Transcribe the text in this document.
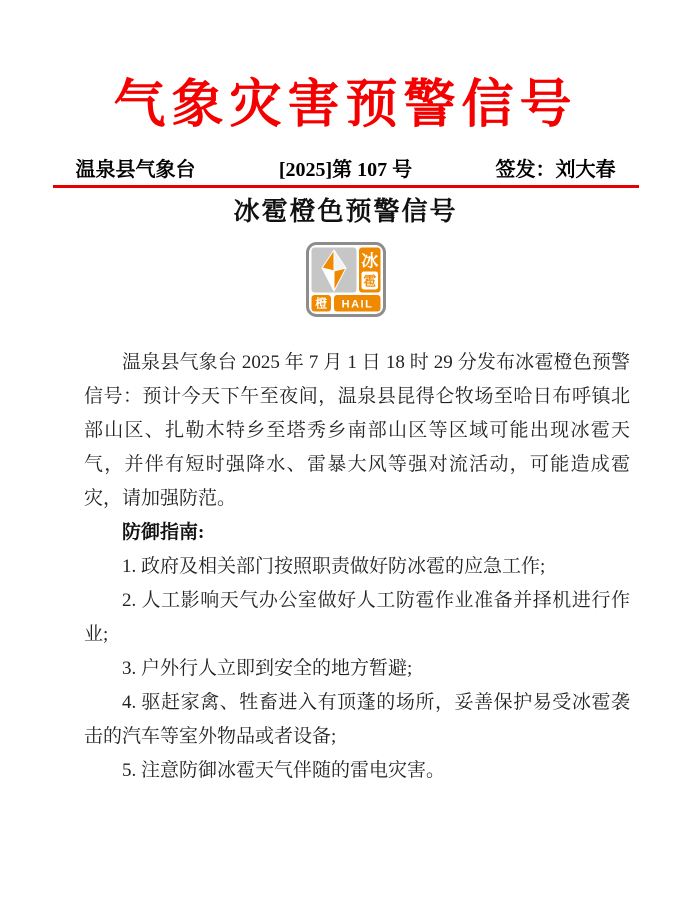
气象灾害预警信号
温泉县气象台	[2025]第 107 号	签发：刘大春
冰雹橙色预警信号
冰
雹
橙 HAIL

温泉县气象台 2025 年 7 月 1 日 18 时 29 分发布冰雹橙色预警信号：预计今天下午至夜间，温泉县昆得仑牧场至哈日布呼镇北部山区、扎勒木特乡至塔秀乡南部山区等区域可能出现冰雹天气，并伴有短时强降水、雷暴大风等强对流活动，可能造成雹灾，请加强防范。

防御指南:

1. 政府及相关部门按照职责做好防冰雹的应急工作;

2. 人工影响天气办公室做好人工防雹作业准备并择机进行作业;

3. 户外行人立即到安全的地方暂避;

4. 驱赶家禽、牲畜进入有顶蓬的场所，妥善保护易受冰雹袭击的汽车等室外物品或者设备;

5. 注意防御冰雹天气伴随的雷电灾害。
